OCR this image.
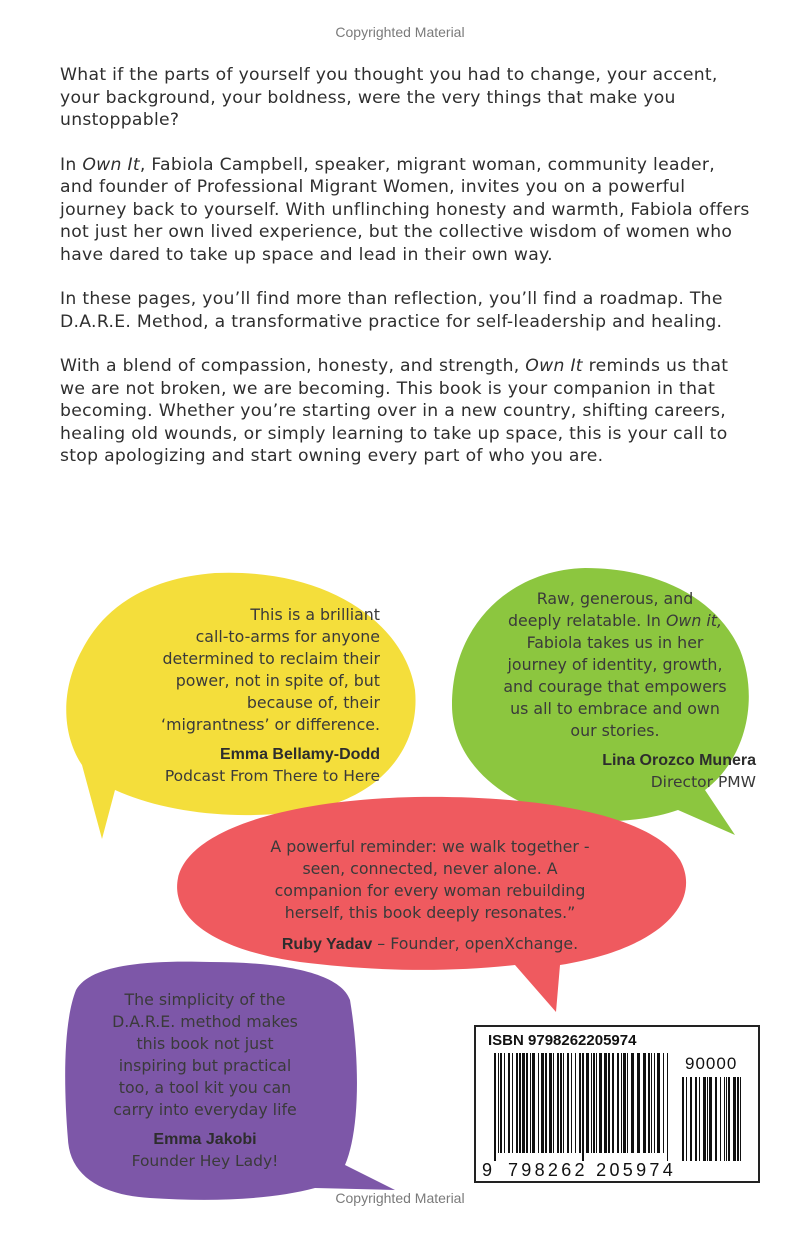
Copyrighted Material

What if the parts of yourself you thought you had to change, your accent, your background, your boldness, were the very things that make you unstoppable?

In Own It, Fabiola Campbell, speaker, migrant woman, community leader, and founder of Professional Migrant Women, invites you on a powerful journey back to yourself. With unflinching honesty and warmth, Fabiola offers not just her own lived experience, but the collective wisdom of women who have dared to take up space and lead in their own way.

In these pages, you’ll find more than reflection, you’ll find a roadmap. The D.A.R.E. Method, a transformative practice for self-leadership and healing.

With a blend of compassion, honesty, and strength, Own It reminds us that we are not broken, we are becoming. This book is your companion in that becoming. Whether you’re starting over in a new country, shifting careers, healing old wounds, or simply learning to take up space, this is your call to stop apologizing and start owning every part of who you are.

This is a brilliant
call-to-arms for anyone
determined to reclaim their
power, not in spite of, but
because of, their
‘migrantness’ or difference.
Emma Bellamy-Dodd
Podcast From There to Here
Raw, generous, and
deeply relatable. In Own it,
Fabiola takes us in her
journey of identity, growth,
and courage that empowers
us all to embrace and own
our stories.
Lina Orozco Munera
Director PMW
A powerful reminder: we walk together -
seen, connected, never alone. A
companion for every woman rebuilding
herself, this book deeply resonates.”
Ruby Yadav – Founder, openXchange.
The simplicity of the
D.A.R.E. method makes
this book not just
inspiring but practical
too, a tool kit you can
carry into everyday life
Emma Jakobi
Founder Hey Lady!
ISBN 9798262205974
90000
9 798262 205974
Copyrighted Material
